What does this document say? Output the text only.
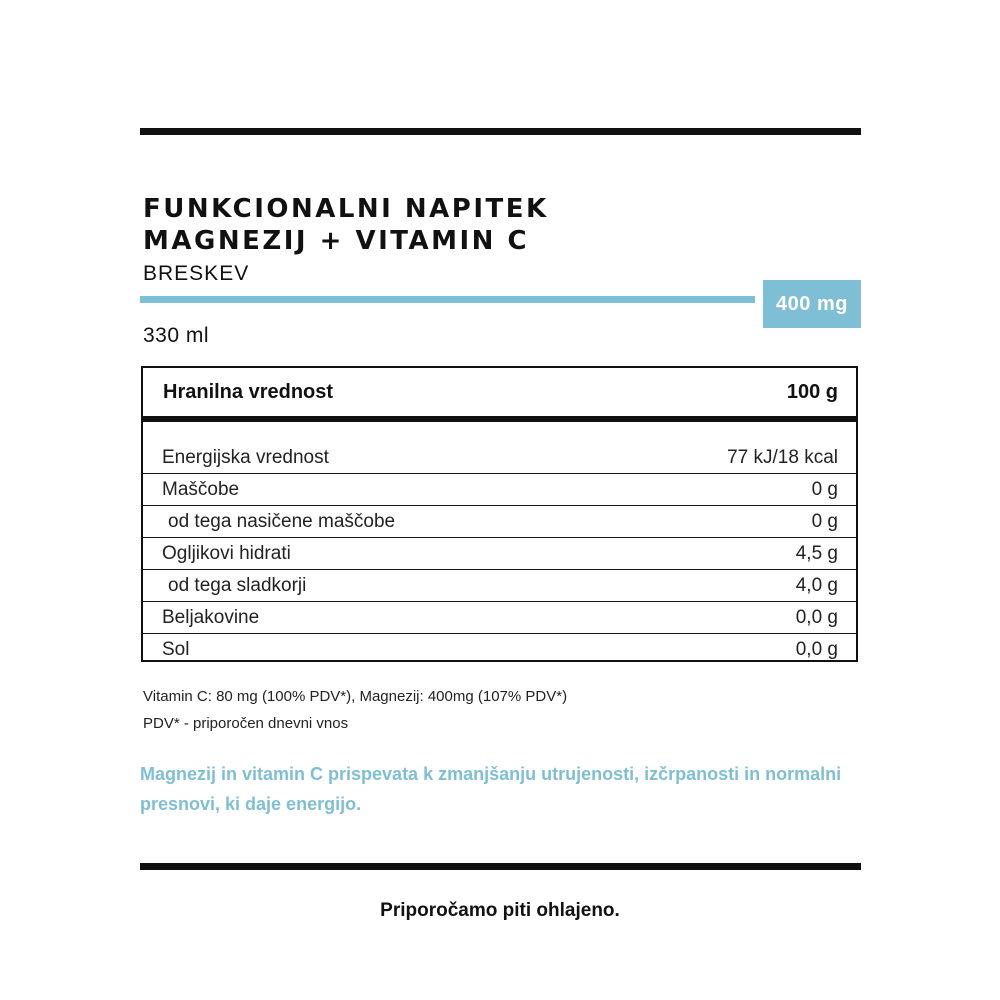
FUNKCIONALNI NAPITEK
MAGNEZIJ + VITAMIN C
BRESKEV
400 mg
330 ml
Hranilna vrednost	100 g
Energijska vrednost	77 kJ/18 kcal
Maščobe	0 g
od tega nasičene maščobe	0 g
Ogljikovi hidrati	4,5 g
od tega sladkorji	4,0 g
Beljakovine	0,0 g
Sol	0,0 g
Vitamin C: 80 mg (100% PDV*), Magnezij: 400mg (107% PDV*)
PDV* - priporočen dnevni vnos

Magnezij in vitamin C prispevata k zmanjšanju utrujenosti, izčrpanosti in normalni presnovi, ki daje energijo.

Priporočamo piti ohlajeno.
